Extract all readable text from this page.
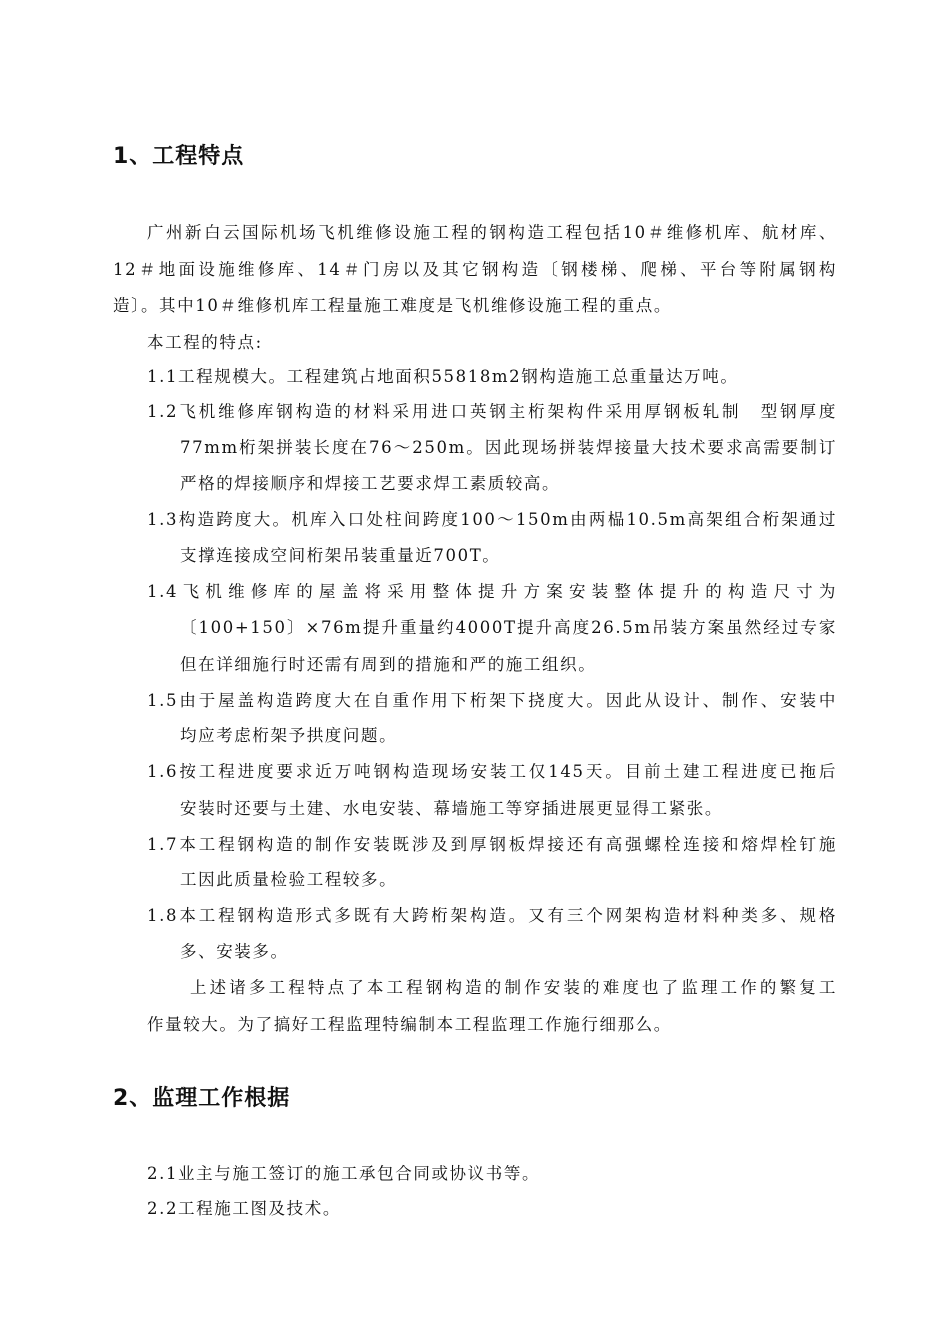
1、工程特点
广州新白云国际机场飞机维修设施工程的钢构造工程包括10＃维修机库、航材库、
12＃地面设施维修库、14＃门房以及其它钢构造〔钢楼梯、爬梯、平台等附属钢构
造〕。其中10＃维修机库工程量施工难度是飞机维修设施工程的重点。
本工程的特点:
1.1工程规模大。工程建筑占地面积55818m2钢构造施工总重量达万吨。
1.2飞机维修库钢构造的材料采用进口英钢主桁架构件采用厚钢板轧制　型钢厚度
77mm桁架拼装长度在76～250m。因此现场拼装焊接量大技术要求高需要制订
严格的焊接顺序和焊接工艺要求焊工素质较高。
1.3构造跨度大。机库入口处柱间跨度100～150m由两榀10.5m高架组合桁架通过
支撑连接成空间桁架吊装重量近700T。
1.4飞机维修库的屋盖将采用整体提升方案安装整体提升的构造尺寸为
〔100+150〕×76m提升重量约4000T提升高度26.5m吊装方案虽然经过专家
但在详细施行时还需有周到的措施和严的施工组织。
1.5由于屋盖构造跨度大在自重作用下桁架下挠度大。因此从设计、制作、安装中
均应考虑桁架予拱度问题。
1.6按工程进度要求近万吨钢构造现场安装工仅145天。目前土建工程进度已拖后
安装时还要与土建、水电安装、幕墙施工等穿插进展更显得工紧张。
1.7本工程钢构造的制作安装既涉及到厚钢板焊接还有高强螺栓连接和熔焊栓钉施
工因此质量检验工程较多。
1.8本工程钢构造形式多既有大跨桁架构造。又有三个网架构造材料种类多、规格
多、安装多。
上述诸多工程特点了本工程钢构造的制作安装的难度也了监理工作的繁复工
作量较大。为了搞好工程监理特编制本工程监理工作施行细那么。
2、监理工作根据
2.1业主与施工签订的施工承包合同或协议书等。
2.2工程施工图及技术。
